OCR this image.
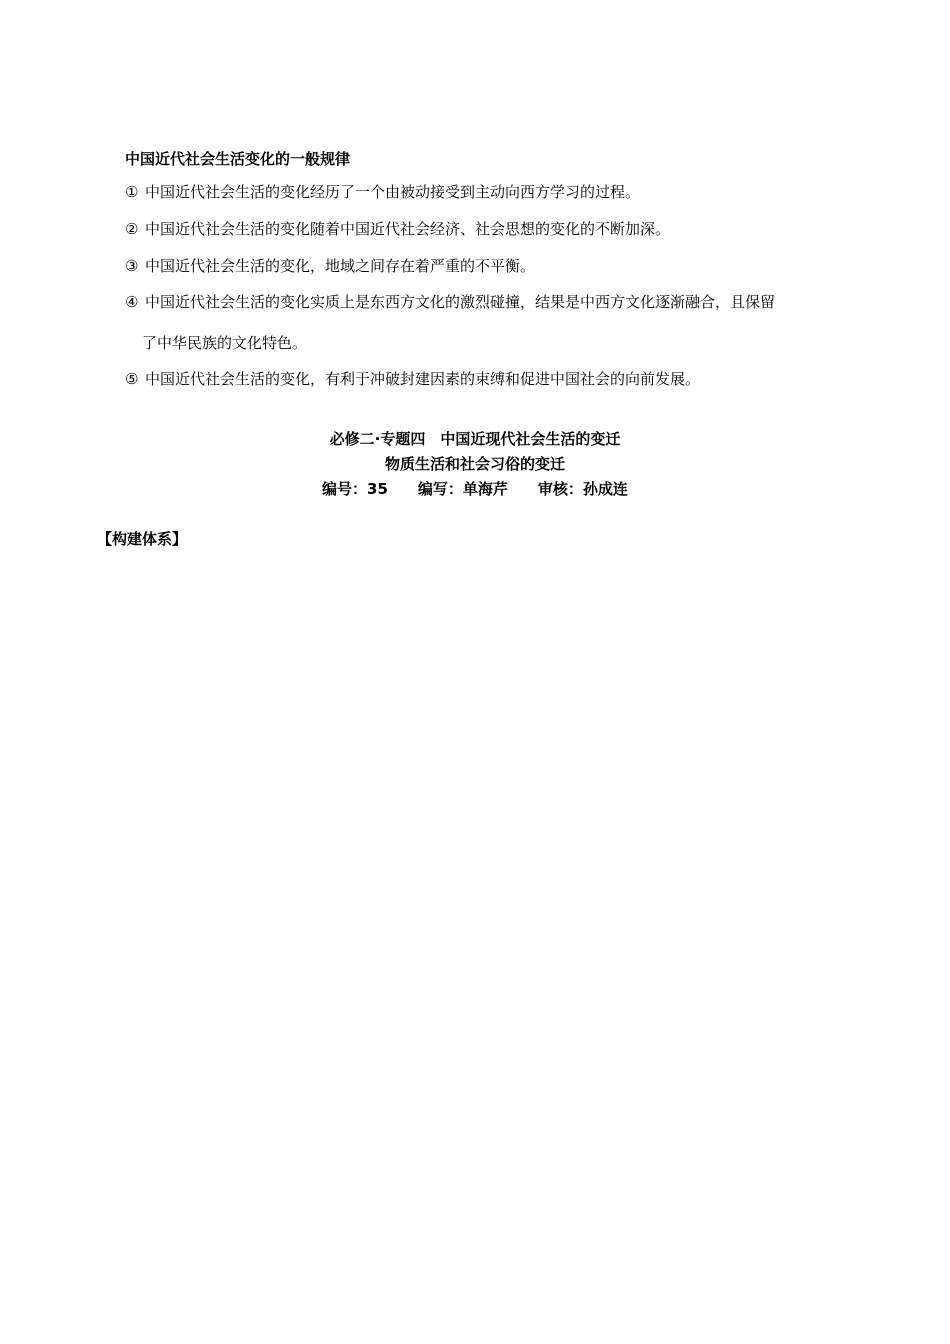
中国近代社会生活变化的一般规律
① 中国近代社会生活的变化经历了一个由被动接受到主动向西方学习的过程。
② 中国近代社会生活的变化随着中国近代社会经济、社会思想的变化的不断加深。
③ 中国近代社会生活的变化，地域之间存在着严重的不平衡。
④ 中国近代社会生活的变化实质上是东西方文化的激烈碰撞，结果是中西方文化逐渐融合，且保留
了中华民族的文化特色。
⑤ 中国近代社会生活的变化，有利于冲破封建因素的束缚和促进中国社会的向前发展。
必修二·专题四　中国近现代社会生活的变迁
物质生活和社会习俗的变迁
编号：35　　编写：单海芹　　审核：孙成连
【构建体系】
